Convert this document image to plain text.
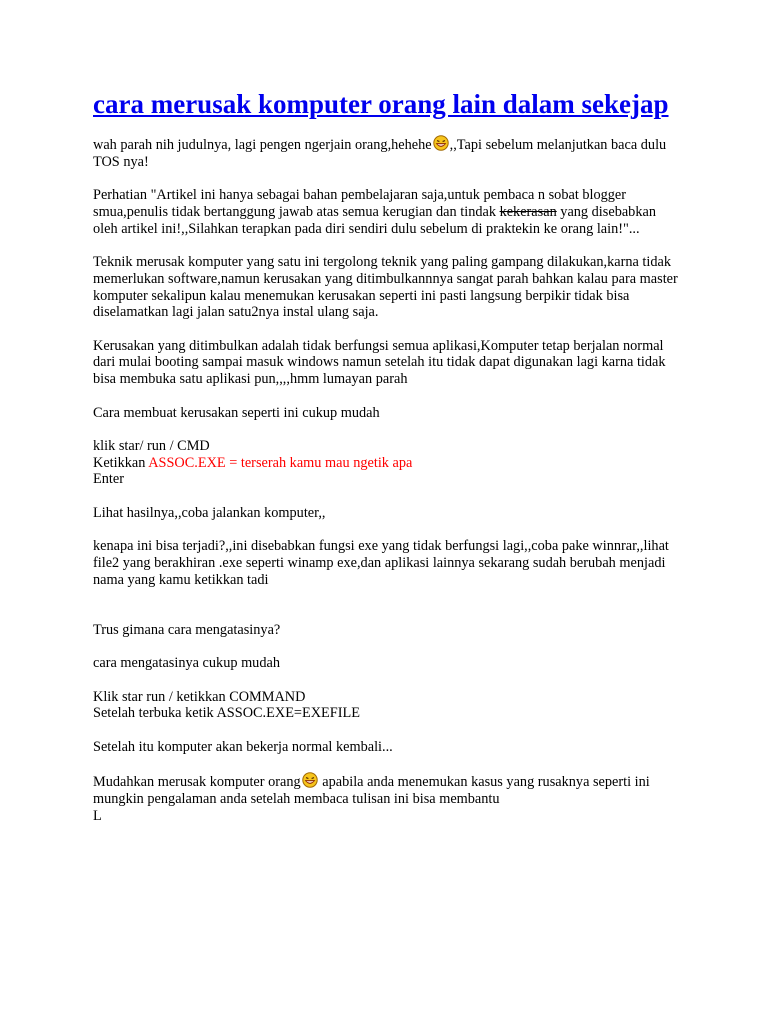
cara merusak komputer orang lain dalam sekejap

wah parah nih judulnya, lagi pengen ngerjain orang,hehehe ,,Tapi sebelum melanjutkan baca dulu TOS nya!

Perhatian "Artikel ini hanya sebagai bahan pembelajaran saja,untuk pembaca n sobat blogger smua,penulis tidak bertanggung jawab atas semua kerugian dan tindak kekerasan yang disebabkan oleh artikel ini!,,Silahkan terapkan pada diri sendiri dulu sebelum di praktekin ke orang lain!"...

Teknik merusak komputer yang satu ini tergolong teknik yang paling gampang dilakukan,karna tidak memerlukan software,namun kerusakan yang ditimbulkannnya sangat parah bahkan kalau para master komputer sekalipun kalau menemukan kerusakan seperti ini pasti langsung berpikir tidak bisa diselamatkan lagi jalan satu2nya instal ulang saja.

Kerusakan yang ditimbulkan adalah tidak berfungsi semua aplikasi,Komputer tetap berjalan normal dari mulai booting sampai masuk windows namun setelah itu tidak dapat digunakan lagi karna tidak bisa membuka satu aplikasi pun,,,,hmm lumayan parah

Cara membuat kerusakan seperti ini cukup mudah

klik star/ run / CMD
Ketikkan ASSOC.EXE = terserah kamu mau ngetik apa
Enter

Lihat hasilnya,,coba jalankan komputer,,

kenapa ini bisa terjadi?,,ini disebabkan fungsi exe yang tidak berfungsi lagi,,coba pake winnrar,,lihat file2 yang berakhiran .exe seperti winamp exe,dan aplikasi lainnya sekarang sudah berubah menjadi nama yang kamu ketikkan tadi

Trus gimana cara mengatasinya?

cara mengatasinya cukup mudah

Klik star run / ketikkan COMMAND
Setelah terbuka ketik ASSOC.EXE=EXEFILE

Setelah itu komputer akan bekerja normal kembali...

Mudahkan merusak komputer orang apabila anda menemukan kasus yang rusaknya seperti ini mungkin pengalaman anda setelah membaca tulisan ini bisa membantu
L
